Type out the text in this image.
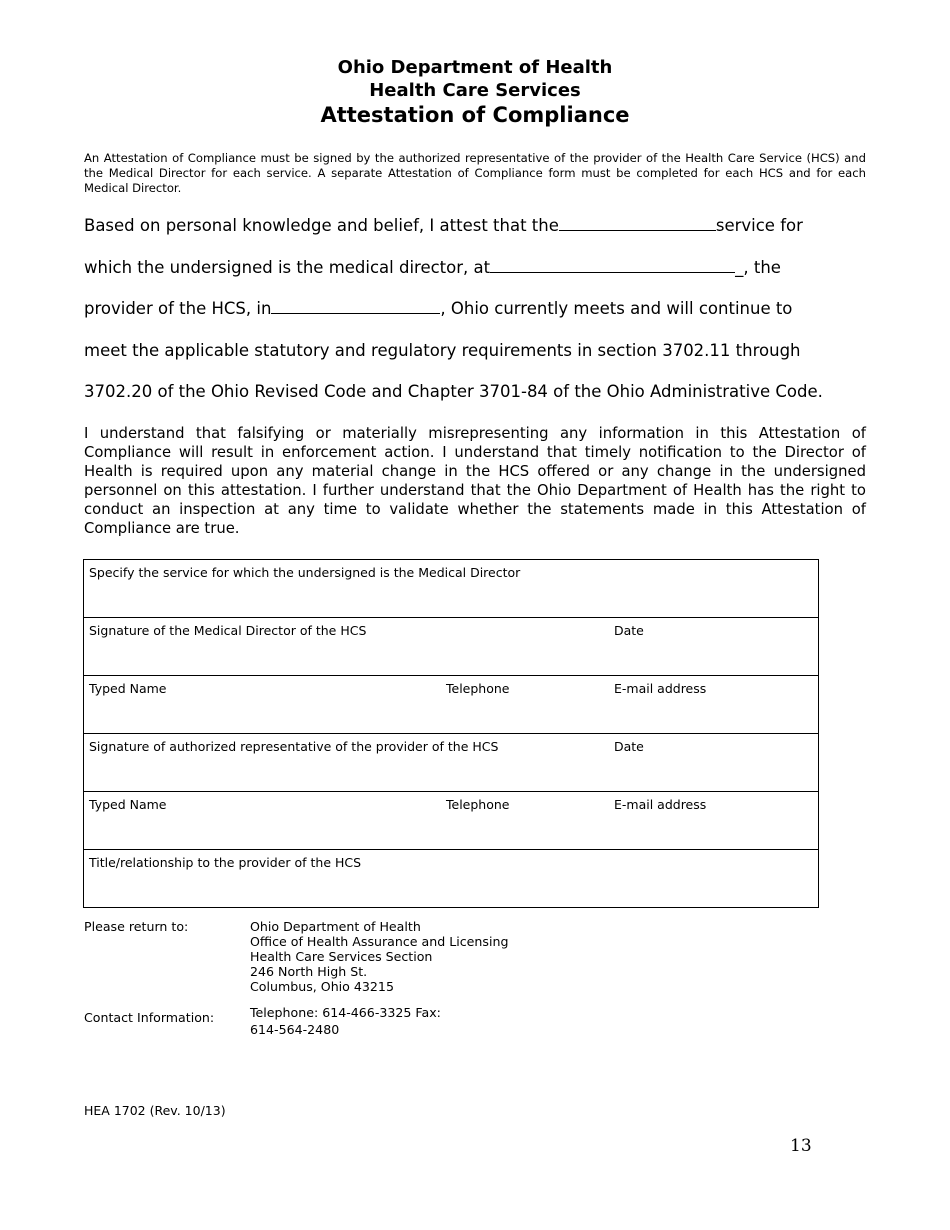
Ohio Department of Health
Health Care Services
Attestation of Compliance
An Attestation of Compliance must be signed by the authorized representative of the provider of the Health Care Service (HCS) and the Medical Director for each service. A separate Attestation of Compliance form must be completed for each HCS and for each Medical Director.
Based on personal knowledge and belief, I attest that the	service for
which the undersigned is the medical director, at	_, the
provider of the HCS, in	, Ohio currently meets and will continue to
meet the applicable statutory and regulatory requirements in section 3702.11 through
3702.20 of the Ohio Revised Code and Chapter 3701-84 of the Ohio Administrative Code.
I understand that falsifying or materially misrepresenting any information in this Attestation of Compliance will result in enforcement action. I understand that timely notification to the Director of Health is required upon any material change in the HCS offered or any change in the undersigned personnel on this attestation. I further understand that the Ohio Department of Health has the right to conduct an inspection at any time to validate whether the statements made in this Attestation of Compliance are true.
Specify the service for which the undersigned is the Medical Director
Signature of the Medical Director of the HCS	Date
Typed Name	Telephone	E-mail address
Signature of authorized representative of the provider of the HCS	Date
Typed Name	Telephone	E-mail address
Title/relationship to the provider of the HCS
Please return to:	Ohio Department of Health
Office of Health Assurance and Licensing
Health Care Services Section
246 North High St.
Columbus, Ohio 43215
Contact Information:	Telephone: 614-466-3325 Fax:
614-564-2480
HEA 1702 (Rev. 10/13)
13
